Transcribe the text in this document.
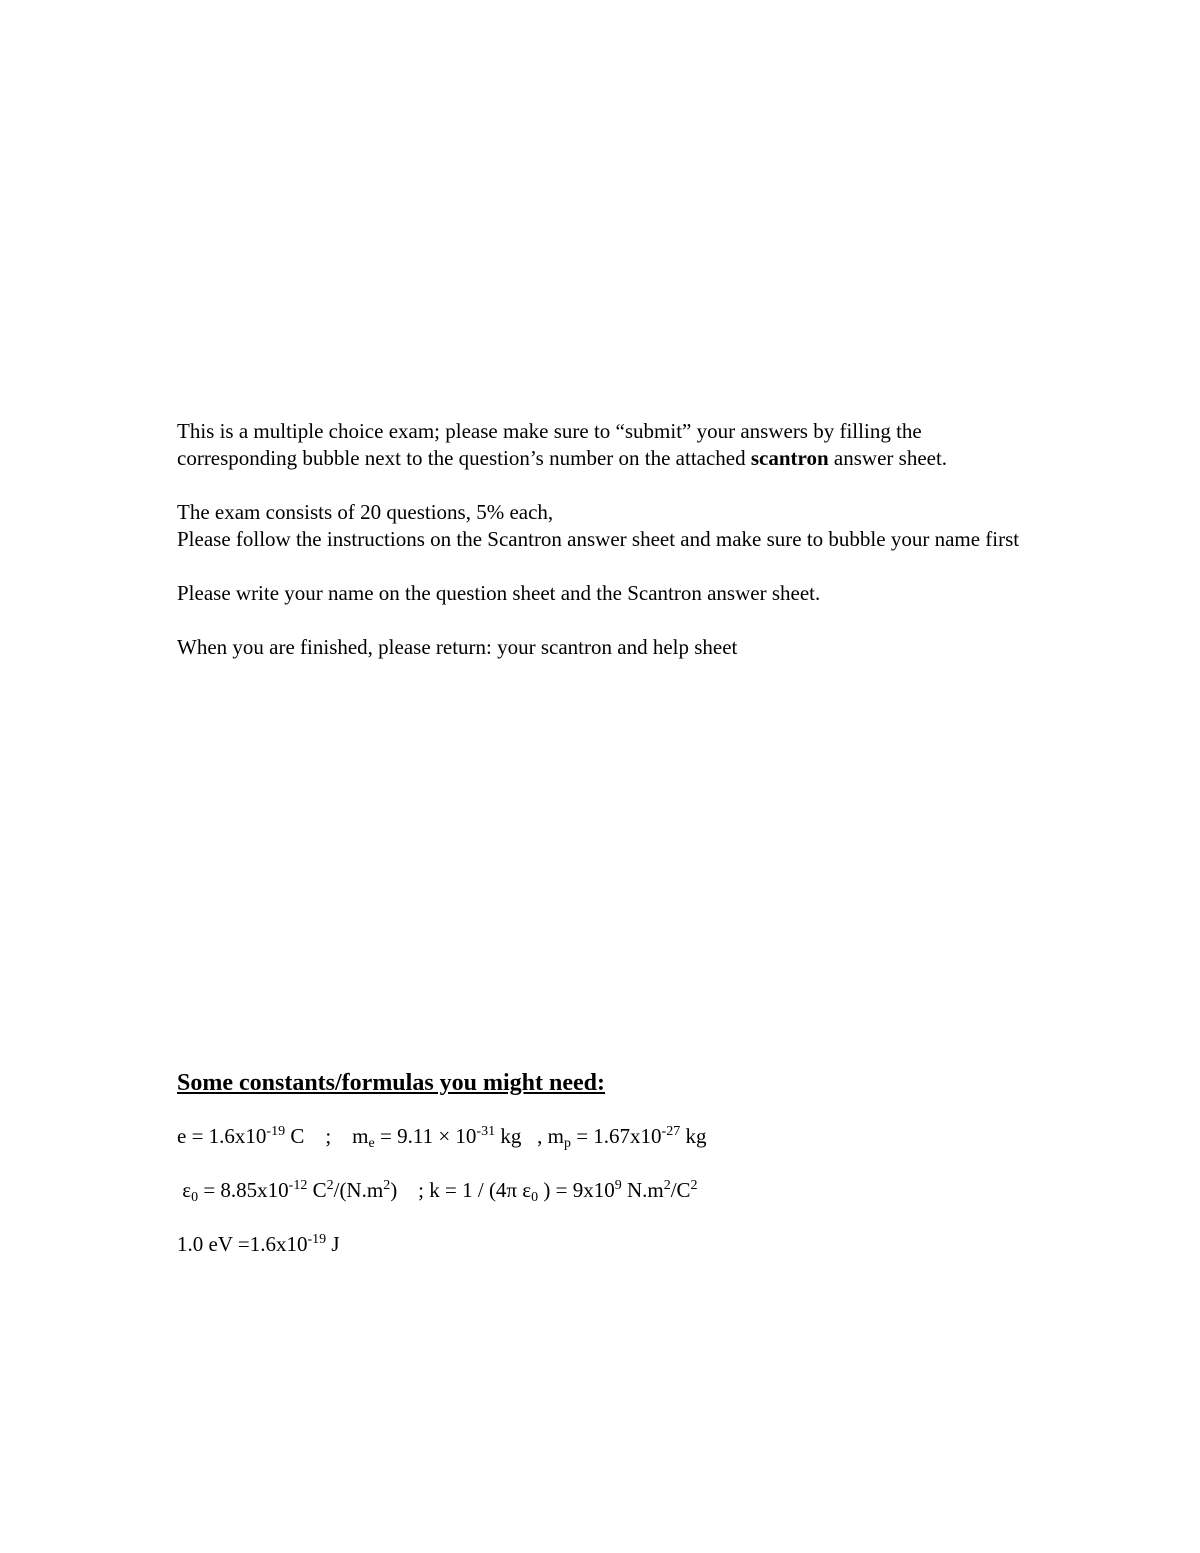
This is a multiple choice exam; please make sure to “submit” your answers by filling the corresponding bubble next to the question’s number on the attached scantron answer sheet.

The exam consists of 20 questions, 5% each,

Please follow the instructions on the Scantron answer sheet and make sure to bubble your name first

Please write your name on the question sheet and the Scantron answer sheet.

When you are finished, please return: your scantron and help sheet

Some constants/formulas you might need:

$e = 1.6x10^{-19}$ C    ;    $m_e = 9.11 \times 10^{-31}$ kg   , $m_p = 1.67x10^{-27}$ kg

$\varepsilon_0 = 8.85x10^{-12}$ $C^2/(N.m^2)$    ; k = 1 / (4π $\varepsilon_0$ ) = $9x10^9$ $N.m^2/C^2$

1.0 eV $=1.6x10^{-19}$ J
